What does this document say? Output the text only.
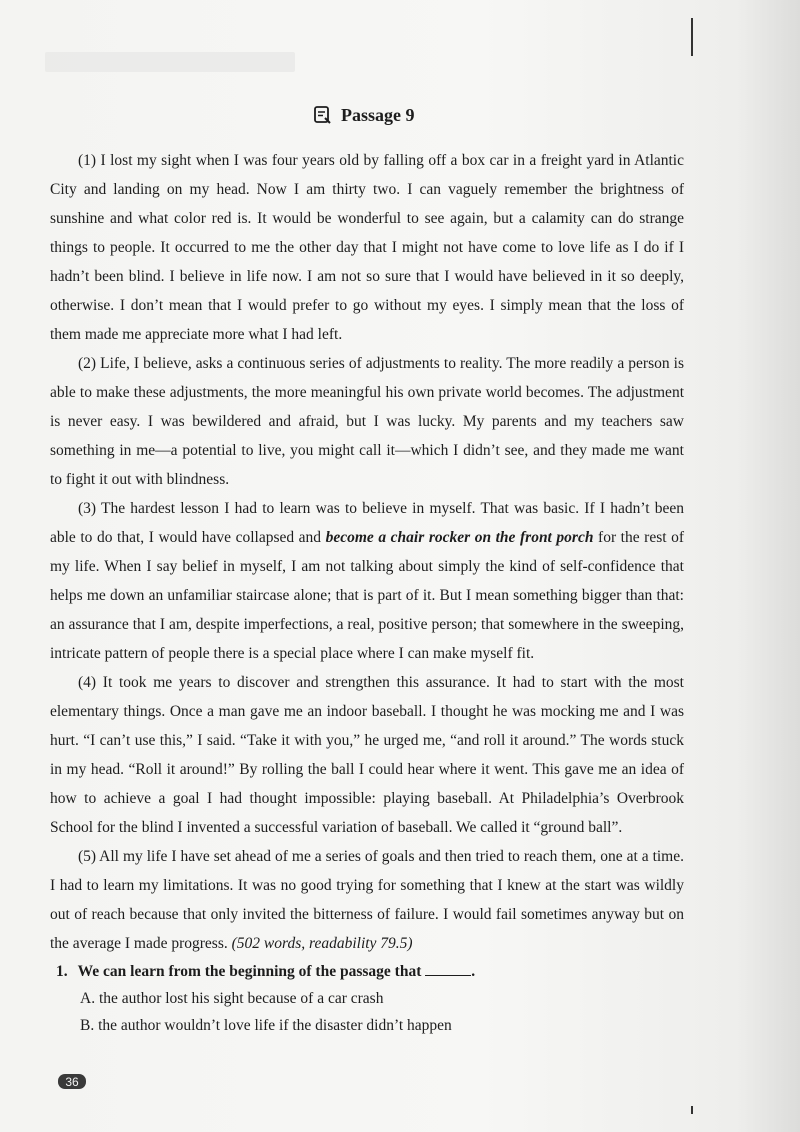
Passage 9

(1) I lost my sight when I was four years old by falling off a box car in a freight yard in Atlantic City and landing on my head. Now I am thirty two. I can vaguely remember the brightness of sunshine and what color red is. It would be wonderful to see again, but a calamity can do strange things to people. It occurred to me the other day that I might not have come to love life as I do if I hadn’t been blind. I believe in life now. I am not so sure that I would have believed in it so deeply, otherwise. I don’t mean that I would prefer to go without my eyes. I simply mean that the loss of them made me appreciate more what I had left.

(2) Life, I believe, asks a continuous series of adjustments to reality. The more readily a person is able to make these adjustments, the more meaningful his own private world becomes. The adjustment is never easy. I was bewildered and afraid, but I was lucky. My parents and my teachers saw something in me—a potential to live, you might call it—which I didn’t see, and they made me want to fight it out with blindness.

(3) The hardest lesson I had to learn was to believe in myself. That was basic. If I hadn’t been able to do that, I would have collapsed and become a chair rocker on the front porch for the rest of my life. When I say belief in myself, I am not talking about simply the kind of self-confidence that helps me down an unfamiliar staircase alone; that is part of it. But I mean something bigger than that: an assurance that I am, despite imperfections, a real, positive person; that somewhere in the sweeping, intricate pattern of people there is a special place where I can make myself fit.

(4) It took me years to discover and strengthen this assurance. It had to start with the most elementary things. Once a man gave me an indoor baseball. I thought he was mocking me and I was hurt. “I can’t use this,” I said. “Take it with you,” he urged me, “and roll it around.” The words stuck in my head. “Roll it around!” By rolling the ball I could hear where it went. This gave me an idea of how to achieve a goal I had thought impossible: playing baseball. At Philadelphia’s Overbrook School for the blind I invented a successful variation of baseball. We called it “ground ball”.

(5) All my life I have set ahead of me a series of goals and then tried to reach them, one at a time. I had to learn my limitations. It was no good trying for something that I knew at the start was wildly out of reach because that only invited the bitterness of failure. I would fail sometimes anyway but on the average I made progress. (502 words, readability 79.5)

1. We can learn from the beginning of the passage that	.
A. the author lost his sight because of a car crash
B. the author wouldn’t love life if the disaster didn’t happen
36
